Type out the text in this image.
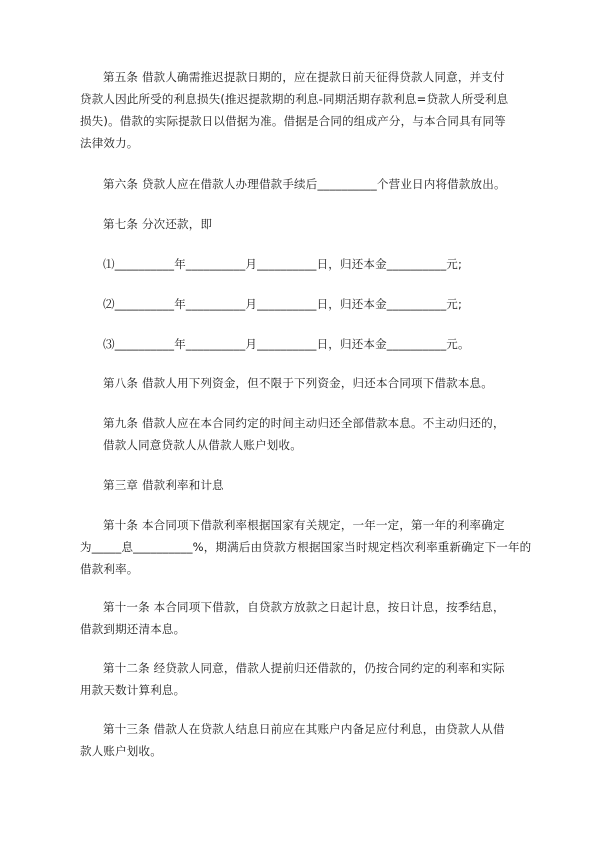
第五条 借款人确需推迟提款日期的，应在提款日前天征得贷款人同意，并支付
贷款人因此所受的利息损失(推迟提款期的利息-同期活期存款利息=贷款人所受利息
损失)。借款的实际提款日以借据为准。借据是合同的组成产分，与本合同具有同等
法律效力。
第六条 贷款人应在借款人办理借款手续后__________个营业日内将借款放出。
第七条 分次还款，即
⑴__________年__________月__________日，归还本金__________元;
⑵__________年__________月__________日，归还本金__________元;
⑶__________年__________月__________日，归还本金__________元。
第八条 借款人用下列资金，但不限于下列资金，归还本合同项下借款本息。
第九条 借款人应在本合同约定的时间主动归还全部借款本息。不主动归还的，
借款人同意贷款人从借款人账户划收。
第三章 借款利率和计息
第十条 本合同项下借款利率根据国家有关规定，一年一定，第一年的利率确定
为_____息__________%，期满后由贷款方根据国家当时规定档次利率重新确定下一年的
借款利率。
第十一条 本合同项下借款，自贷款方放款之日起计息，按日计息，按季结息，
借款到期还清本息。
第十二条 经贷款人同意，借款人提前归还借款的，仍按合同约定的利率和实际
用款天数计算利息。
第十三条 借款人在贷款人结息日前应在其账户内备足应付利息，由贷款人从借
款人账户划收。
